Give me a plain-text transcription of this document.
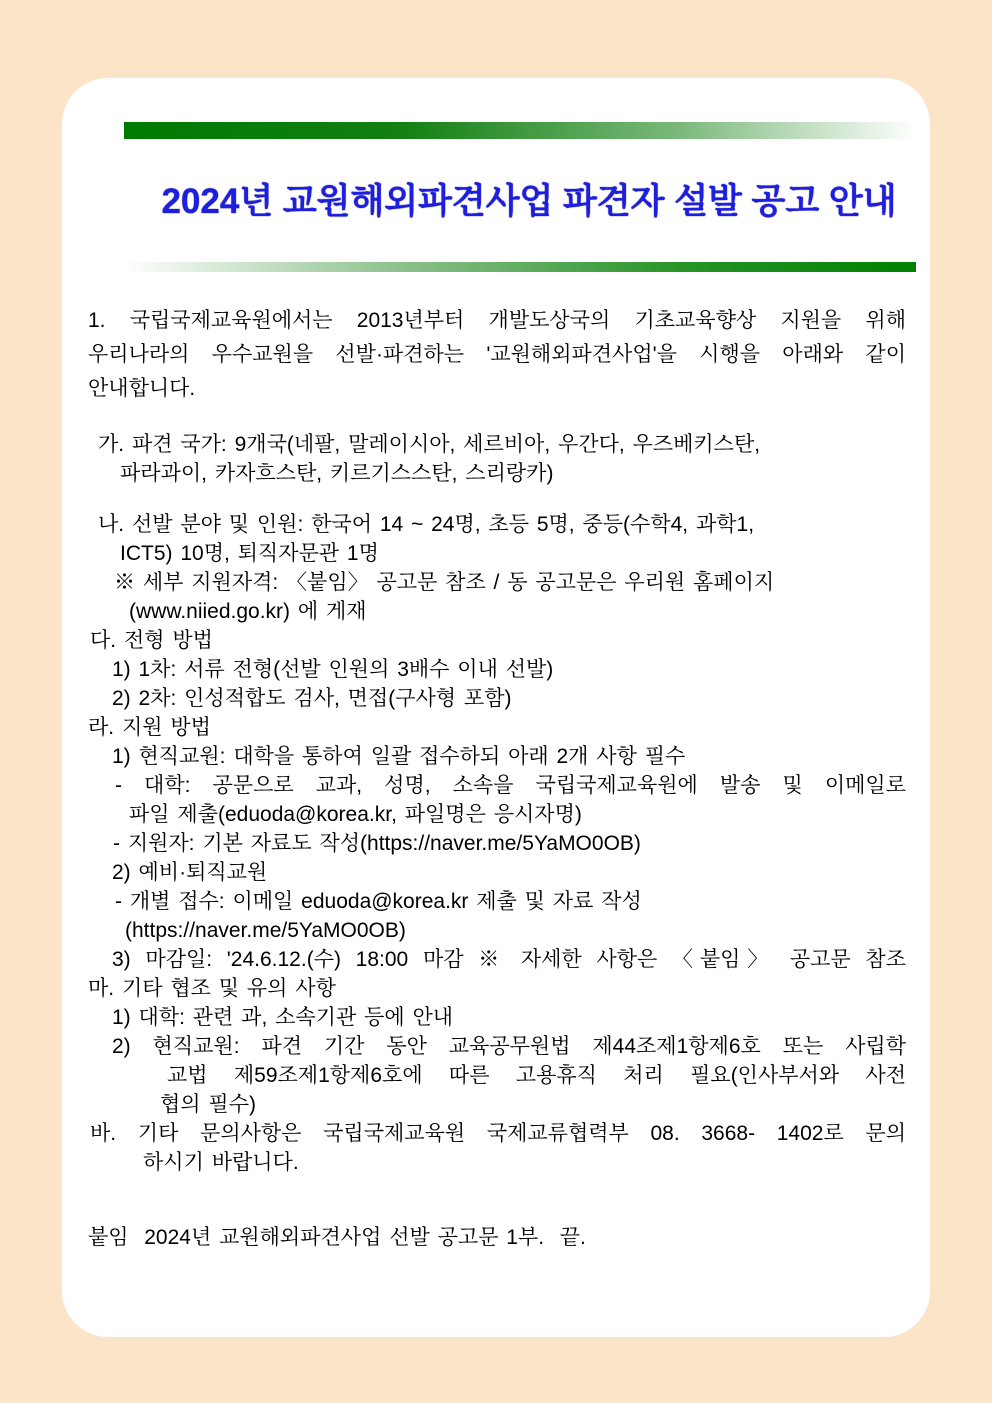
2024년 교원해외파견사업 파견자 설발 공고 안내
1. 국립국제교육원에서는 2013년부터 개발도상국의 기초교육향상 지원을 위해
우리나라의 우수교원을 선발·파견하는 '교원해외파견사업'을 시행을 아래와 같이
안내합니다.
가. 파견 국가: 9개국(네팔, 말레이시아, 세르비아, 우간다, 우즈베키스탄,
파라과이, 카자흐스탄, 키르기스스탄, 스리랑카)
나. 선발 분야 및 인원: 한국어 14 ~ 24명, 초등 5명, 중등(수학4, 과학1,
ICT5) 10명, 퇴직자문관 1명
※ 세부 지원자격: 〈붙임〉 공고문 참조 / 동 공고문은 우리원 홈페이지
(www.niied.go.kr) 에 게재
다. 전형 방법
1) 1차: 서류 전형(선발 인원의 3배수 이내 선발)
2) 2차: 인성적합도 검사, 면접(구사형 포함)
라. 지원 방법
1) 현직교원: 대학을 통하여 일괄 접수하되 아래 2개 사항 필수
- 대학: 공문으로 교과, 성명, 소속을 국립국제교육원에 발송 및 이메일로
파일 제출(eduoda@korea.kr, 파일명은 응시자명)
- 지원자: 기본 자료도 작성(https://naver.me/5YaMO0OB)
2) 예비·퇴직교원
- 개별 접수: 이메일 eduoda@korea.kr 제출 및 자료 작성
(https://naver.me/5YaMO0OB)
3) 마감일: '24.6.12.(수) 18:00 마감 ※ 자세한 사항은 〈붙임〉 공고문 참조
마. 기타 협조 및 유의 사항
1) 대학: 관련 과, 소속기관 등에 안내
2) 현직교원: 파견 기간 동안 교육공무원법 제44조제1항제6호 또는 사립학
교법 제59조제1항제6호에 따른 고용휴직 처리 필요(인사부서와 사전
협의 필수)
바. 기타 문의사항은 국립국제교육원 국제교류협력부 08. 3668- 1402로 문의
하시기 바랍니다.
붙임  2024년 교원해외파견사업 선발 공고문 1부.  끝.
